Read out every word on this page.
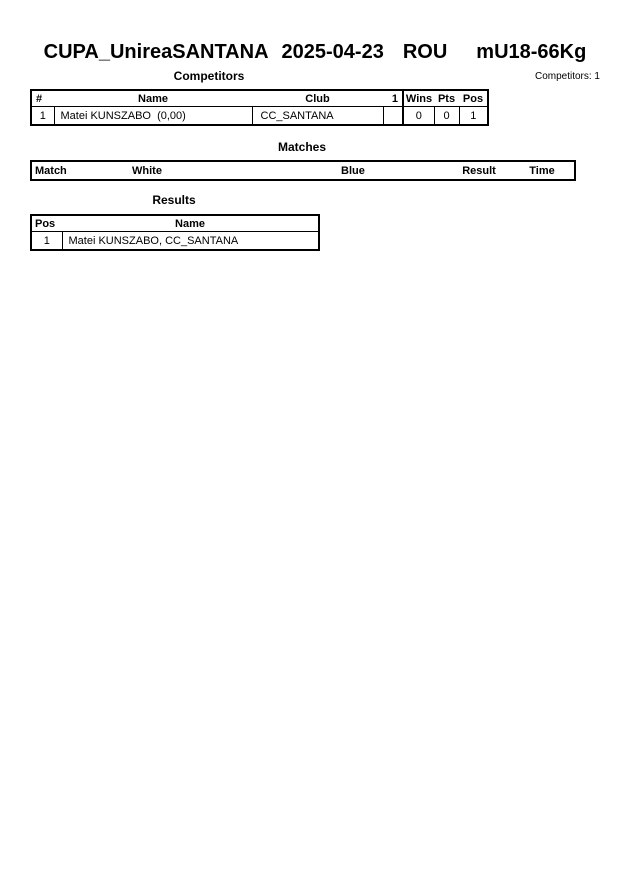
CUPA_UnireaSANTANA 2025-04-23 ROU mU18-66Kg
Competitors	Competitors: 1
#	Name	Club	1	Wins	Pts	Pos
1	Matei KUNSZABO  (0,00)	CC_SANTANA		0	0	1
Matches
Match	White	Blue	Result	Time
Results
Pos	Name
1	Matei KUNSZABO, CC_SANTANA
